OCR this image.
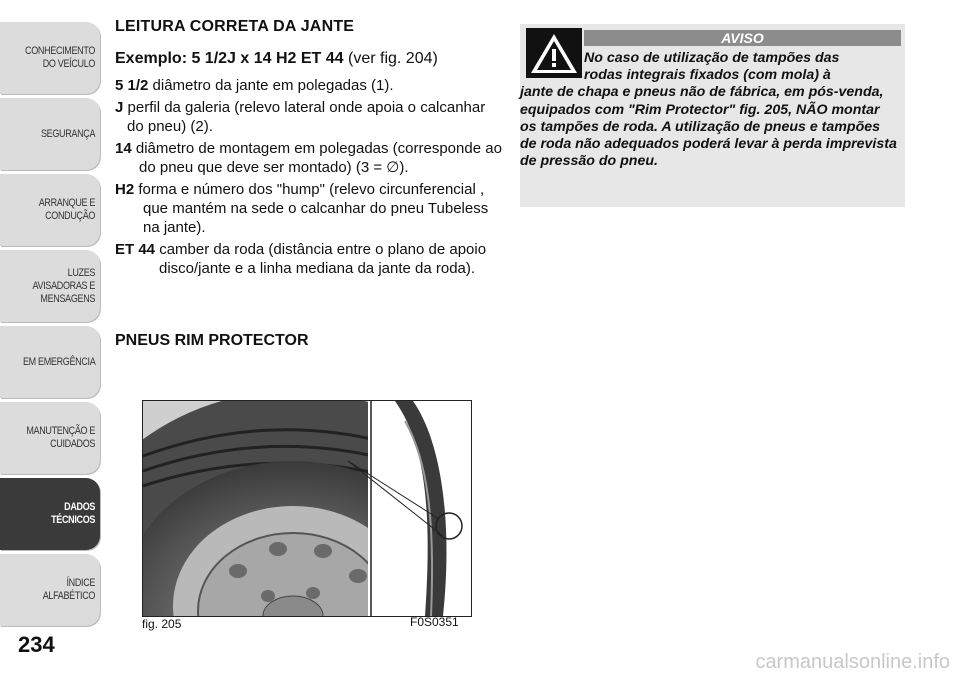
CONHECIMENTO DO VEÍCULO
SEGURANÇA
ARRANQUE E CONDUÇÃO
LUZES AVISADORAS E MENSAGENS
EM EMERGÊNCIA
MANUTENÇÃO E CUIDADOS
DADOS TÉCNICOS
ÍNDICE ALFABÉTICO
234
LEITURA CORRETA DA JANTE
Exemplo: 5 1/2J x 14 H2 ET 44 (ver fig. 204)
5 1/2 diâmetro da jante em polegadas (1).
J perfil da galeria (relevo lateral onde apoia o calcanhar do pneu) (2).
14 diâmetro de montagem em polegadas (corresponde ao do pneu que deve ser montado) (3 = ∅).
H2 forma e número dos "hump" (relevo circunferencial , que mantém na sede o calcanhar do pneu Tubeless na jante).
ET 44 camber da roda (distância entre o plano de apoio disco/jante e a linha mediana da jante da roda).
PNEUS RIM PROTECTOR
AVISO
No caso de utilização de tampões das
rodas integrais fixados (com mola) à
jante de chapa e pneus não de fábrica, em pós-venda, equipados com "Rim Protector" fig. 205, NÃO montar os tampões de roda. A utilização de pneus e tampões de roda não adequados poderá levar à perda imprevista de pressão do pneu.
fig. 205	F0S0351
carmanualsonline.info
